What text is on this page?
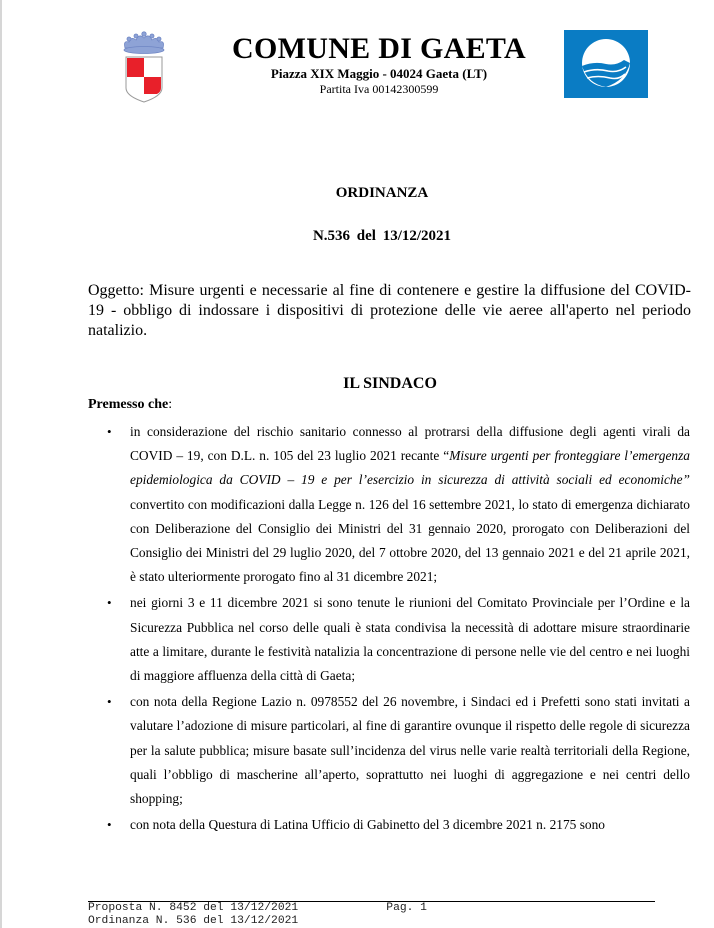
COMUNE DI GAETA
Piazza XIX Maggio - 04024 Gaeta (LT)
Partita Iva 00142300599
ORDINANZA
N.536 del 13/12/2021
Oggetto: Misure urgenti e necessarie al fine di contenere e gestire la diffusione del COVID- 19 - obbligo di indossare i dispositivi di protezione delle vie aeree all'aperto nel periodo natalizio.
IL SINDACO
Premesso che:
• in considerazione del rischio sanitario connesso al protrarsi della diffusione degli agenti virali da COVID – 19, con D.L. n. 105 del 23 luglio 2021 recante “Misure urgenti per fronteggiare l’emergenza epidemiologica da COVID – 19 e per l’esercizio in sicurezza di attività sociali ed economiche” convertito con modificazioni dalla Legge n. 126 del 16 settembre 2021, lo stato di emergenza dichiarato con Deliberazione del Consiglio dei Ministri del 31 gennaio 2020, prorogato con Deliberazioni del Consiglio dei Ministri del 29 luglio 2020, del 7 ottobre 2020, del 13 gennaio 2021 e del 21 aprile 2021, è stato ulteriormente prorogato fino al 31 dicembre 2021;
• nei giorni 3 e 11 dicembre 2021 si sono tenute le riunioni del Comitato Provinciale per l’Ordine e la Sicurezza Pubblica nel corso delle quali è stata condivisa la necessità di adottare misure straordinarie atte a limitare, durante le festività natalizia la concentrazione di persone nelle vie del centro e nei luoghi di maggiore affluenza della città di Gaeta;
• con nota della Regione Lazio n. 0978552 del 26 novembre, i Sindaci ed i Prefetti sono stati invitati a valutare l’adozione di misure particolari, al fine di garantire ovunque il rispetto delle regole di sicurezza per la salute pubblica; misure basate sull’incidenza del virus nelle varie realtà territoriali della Regione, quali l’obbligo di mascherine all’aperto, soprattutto nei luoghi di aggregazione e nei centri dello shopping;
• con nota della Questura di Latina Ufficio di Gabinetto del 3 dicembre 2021 n. 2175 sono
Proposta N. 8452 del 13/12/2021             Pag. 1
Ordinanza N. 536 del 13/12/2021
